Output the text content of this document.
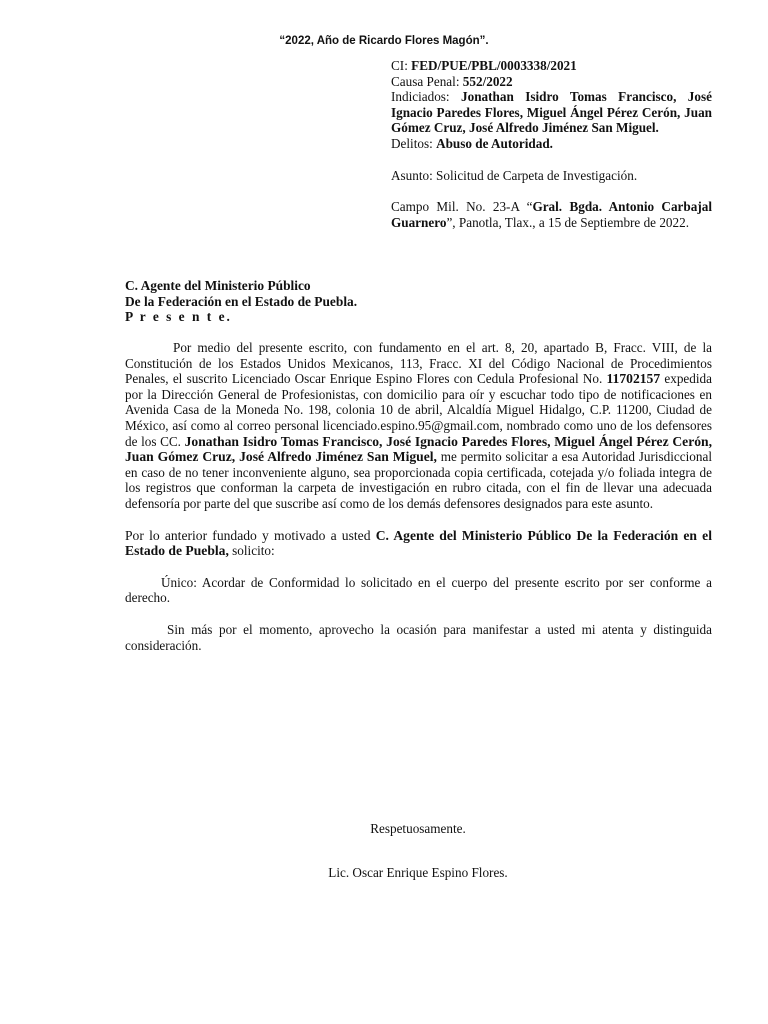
“2022, Año de Ricardo Flores Magón”.

CI: FED/PUE/PBL/0003338/2021

Causa Penal: 552/2022

Indiciados: Jonathan Isidro Tomas Francisco, José Ignacio Paredes Flores, Miguel Ángel Pérez Cerón, Juan Gómez Cruz, José Alfredo Jiménez San Miguel.

Delitos: Abuso de Autoridad.

Asunto: Solicitud de Carpeta de Investigación.

Campo Mil. No. 23-A “Gral. Bgda. Antonio Carbajal Guarnero”, Panotla, Tlax., a 15 de Septiembre de 2022.

C. Agente del Ministerio Público
De la Federación en el Estado de Puebla.
P r e s e n t e.

Por medio del presente escrito, con fundamento en el art. 8, 20, apartado B, Fracc. VIII, de la Constitución de los Estados Unidos Mexicanos, 113, Fracc. XI del Código Nacional de Procedimientos Penales, el suscrito Licenciado Oscar Enrique Espino Flores con Cedula Profesional No. 11702157 expedida por la Dirección General de Profesionistas, con domicilio para oír y escuchar todo tipo de notificaciones en Avenida Casa de la Moneda No. 198, colonia 10 de abril, Alcaldía Miguel Hidalgo, C.P. 11200, Ciudad de México, así como al correo personal licenciado.espino.95@gmail.com, nombrado como uno de los defensores de los CC. Jonathan Isidro Tomas Francisco, José Ignacio Paredes Flores, Miguel Ángel Pérez Cerón, Juan Gómez Cruz, José Alfredo Jiménez San Miguel, me permito solicitar a esa Autoridad Jurisdiccional en caso de no tener inconveniente alguno, sea proporcionada copia certificada, cotejada y/o foliada integra de los registros que conforman la carpeta de investigación en rubro citada, con el fin de llevar una adecuada defensoría por parte del que suscribe así como de los demás defensores designados para este asunto.

Por lo anterior fundado y motivado a usted C. Agente del Ministerio Público De la Federación en el Estado de Puebla, solicito:

Único: Acordar de Conformidad lo solicitado en el cuerpo del presente escrito por ser conforme a derecho.

Sin más por el momento, aprovecho la ocasión para manifestar a usted mi atenta y distinguida consideración.

Respetuosamente.
Lic. Oscar Enrique Espino Flores.
